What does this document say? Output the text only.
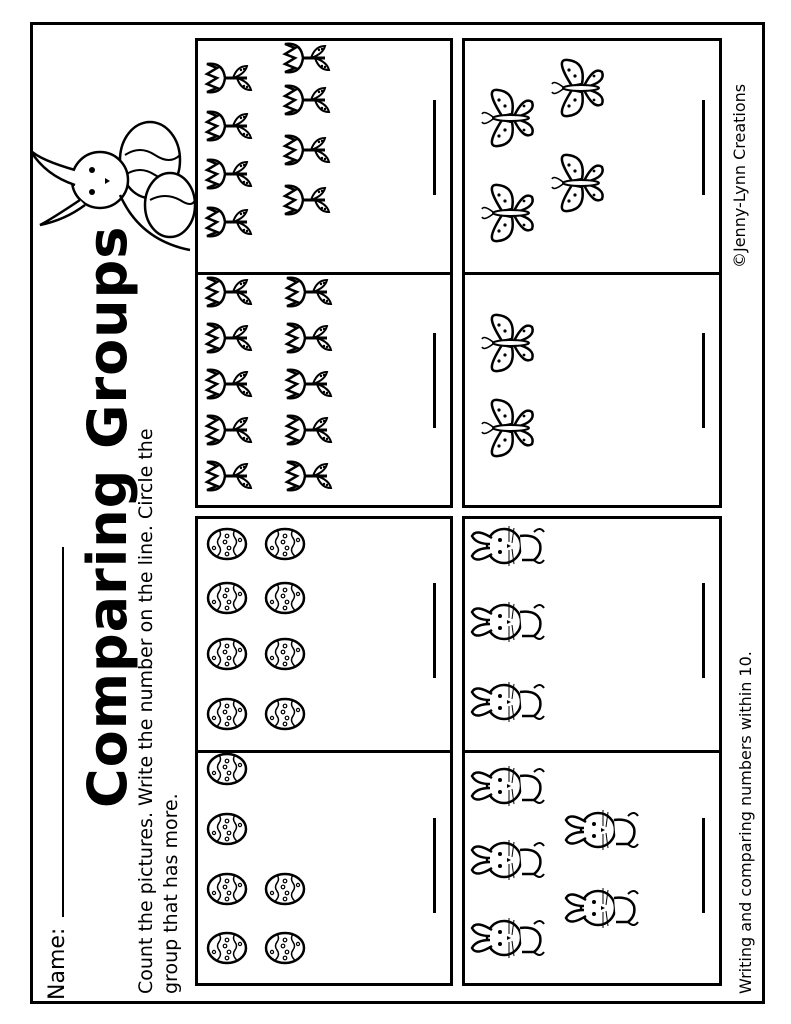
Name:
Comparing Groups
Count the pictures. Write the number on the line. Circle the group that has more.	Writing and comparing numbers within 10.
©Jenny-Lynn Creations
